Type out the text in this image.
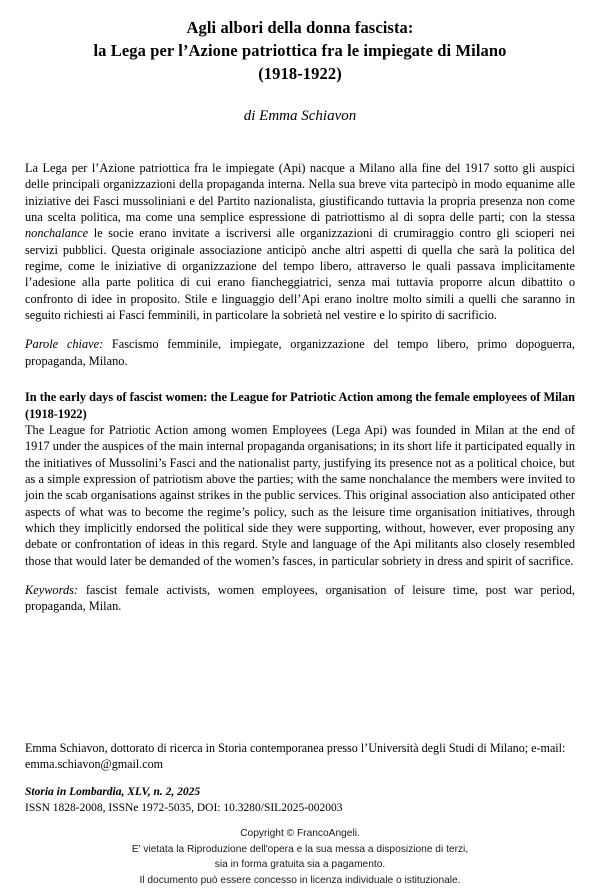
Agli albori della donna fascista:
la Lega per l’Azione patriottica fra le impiegate di Milano
(1918-1922)
di Emma Schiavon

La Lega per l’Azione patriottica fra le impiegate (Api) nacque a Milano alla fine del 1917 sotto gli auspici delle principali organizzazioni della propaganda interna. Nella sua breve vita partecipò in modo equanime alle iniziative dei Fasci mussoliniani e del Partito nazionalista, giustificando tuttavia la propria presenza non come una scelta politica, ma come una semplice espressione di patriottismo al di sopra delle parti; con la stessa nonchalance le socie erano invitate a iscriversi alle organizzazioni di crumiraggio contro gli scioperi nei servizi pubblici. Questa originale associazione anticipò anche altri aspetti di quella che sarà la politica del regime, come le iniziative di organizzazione del tempo libero, attraverso le quali passava implicitamente l’adesione alla parte politica di cui erano fiancheggiatrici, senza mai tuttavia proporre alcun dibattito o confronto di idee in proposito. Stile e linguaggio dell’Api erano inoltre molto simili a quelli che saranno in seguito richiesti ai Fasci femminili, in particolare la sobrietà nel vestire e lo spirito di sacrificio.

Parole chiave: Fascismo femminile, impiegate, organizzazione del tempo libero, primo dopoguerra, propaganda, Milano.

In the early days of fascist women: the League for Patriotic Action among the female employees of Milan (1918-1922)

The League for Patriotic Action among women Employees (Lega Api) was founded in Milan at the end of 1917 under the auspices of the main internal propaganda organisations; in its short life it participated equally in the initiatives of Mussolini’s Fasci and the nationalist party, justifying its presence not as a political choice, but as a simple expression of patriotism above the parties; with the same nonchalance the members were invited to join the scab organisations against strikes in the public services. This original association also anticipated other aspects of what was to become the regime’s policy, such as the leisure time organisation initiatives, through which they implicitly endorsed the political side they were supporting, without, however, ever proposing any debate or confrontation of ideas in this regard. Style and language of the Api militants also closely resembled those that would later be demanded of the women’s fasces, in particular sobriety in dress and spirit of sacrifice.

Keywords: fascist female activists, women employees, organisation of leisure time, post war period, propaganda, Milan.

Emma Schiavon, dottorato di ricerca in Storia contemporanea presso l’Università degli Studi di Milano; e-mail: emma.schiavon@gmail.com

Storia in Lombardia, XLV, n. 2, 2025
ISSN 1828-2008, ISSNe 1972-5035, DOI: 10.3280/SIL2025-002003

Copyright © FrancoAngeli.
E' vietata la Riproduzione dell'opera e la sua messa a disposizione di terzi,
sia in forma gratuita sia a pagamento.
Il documento può essere concesso in licenza individuale o istituzionale.
